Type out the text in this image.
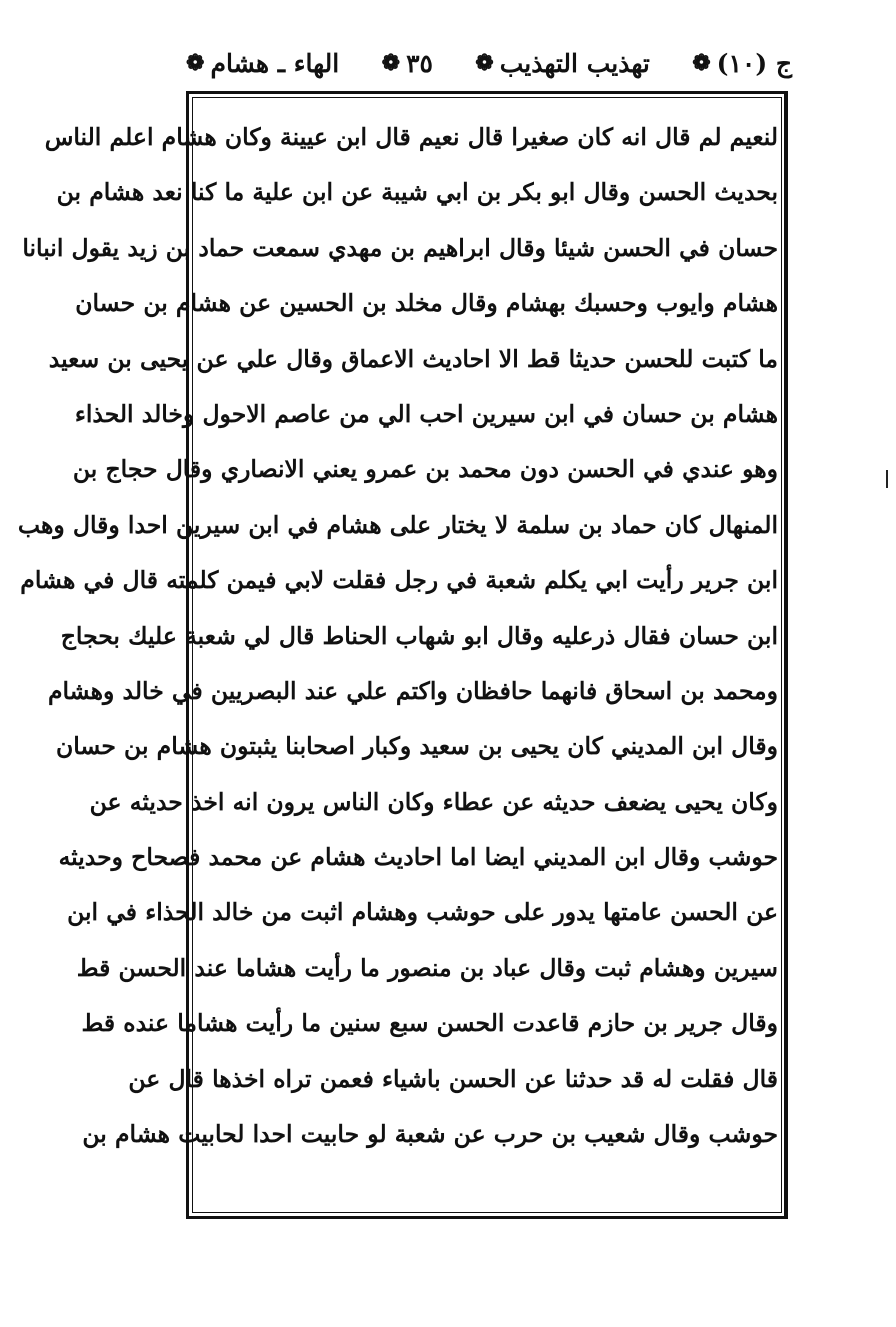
ج (١٠)
❁
تهذيب التهذيب
❁
٣٥
❁
الهاء ـ هشام
❁
لنعيم لم قال انه كان صغيرا قال نعيم قال ابن عيينة وكان هشام اعلم الناس
بحديث الحسن وقال ابو بكر بن ابي شيبة عن ابن علية ما كنا نعد هشام بن
حسان في الحسن شيئا وقال ابراهيم بن مهدي سمعت حماد بن زيد يقول انبانا
هشام وايوب وحسبك بهشام وقال مخلد بن الحسين عن هشام بن حسان
ما كتبت للحسن حديثا قط الا احاديث الاعماق وقال علي عن يحيى بن سعيد
هشام بن حسان في ابن سيرين احب الي من عاصم الاحول وخالد الحذاء
وهو عندي في الحسن دون محمد بن عمرو يعني الانصاري وقال حجاج بن
المنهال كان حماد بن سلمة لا يختار على هشام في ابن سيرين احدا وقال وهب
ابن جرير رأيت ابي يكلم شعبة في رجل فقلت لابي فيمن كلمته قال في هشام
ابن حسان فقال ذرعليه وقال ابو شهاب الحناط قال لي شعبة عليك بحجاج
ومحمد بن اسحاق فانهما حافظان واكتم علي عند البصريين في خالد وهشام
وقال ابن المديني كان يحيى بن سعيد وكبار اصحابنا يثبتون هشام بن حسان
وكان يحيى يضعف حديثه عن عطاء وكان الناس يرون انه اخذ حديثه عن
حوشب وقال ابن المديني ايضا اما احاديث هشام عن محمد فصحاح وحديثه
عن الحسن عامتها يدور على حوشب وهشام اثبت من خالد الحذاء في ابن
سيرين وهشام ثبت وقال عباد بن منصور ما رأيت هشاما عند الحسن قط
وقال جرير بن حازم قاعدت الحسن سبع سنين ما رأيت هشاما عنده قط
قال فقلت له قد حدثنا عن الحسن باشياء فعمن تراه اخذها قال عن
حوشب وقال شعيب بن حرب عن شعبة لو حابيت احدا لحابيت هشام بن
